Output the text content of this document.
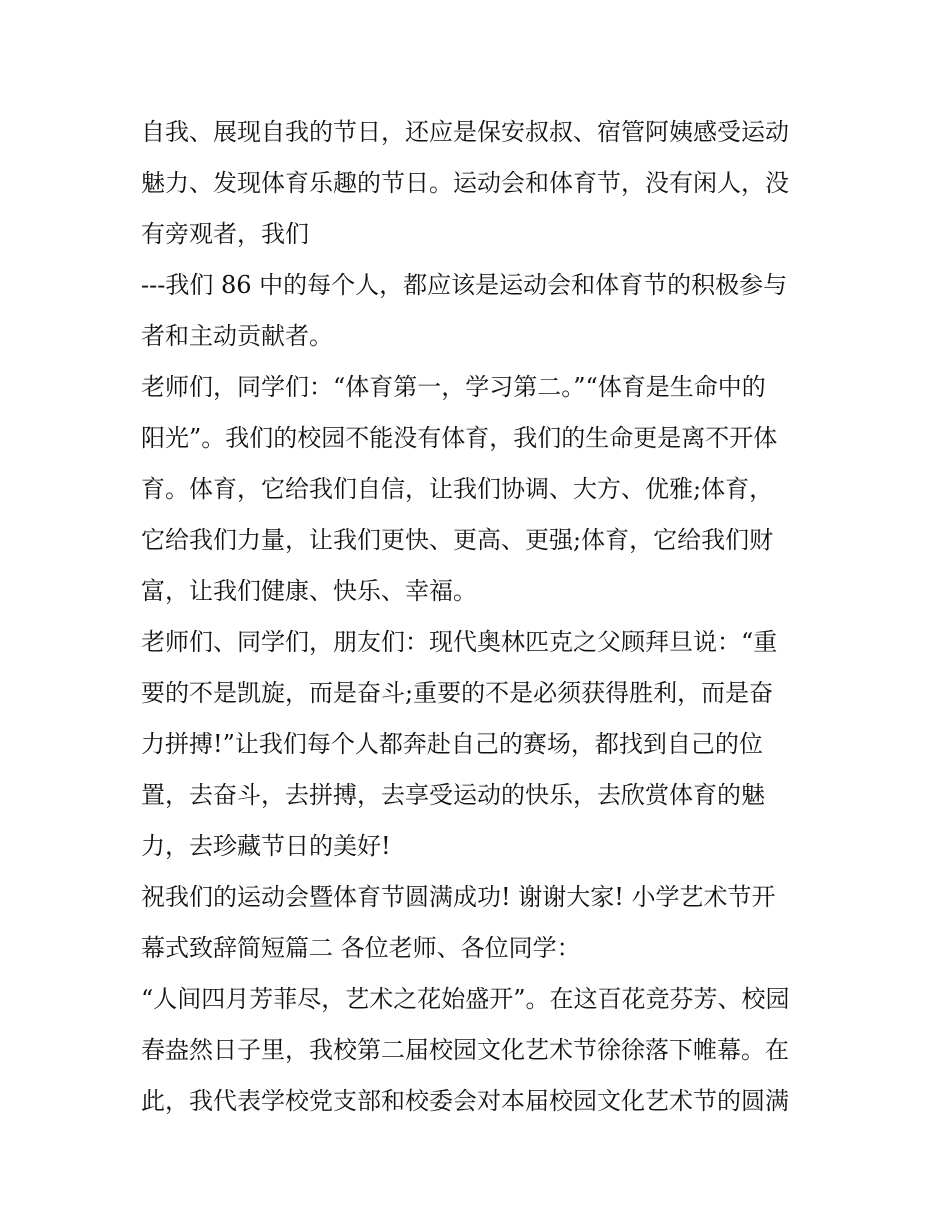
自我、展现自我的节日，还应是保安叔叔、宿管阿姨感受运动
魅力、发现体育乐趣的节日。运动会和体育节，没有闲人，没
有旁观者，我们
---我们 86 中的每个人，都应该是运动会和体育节的积极参与
者和主动贡献者。
老师们，同学们：“体育第一，学习第二。”“体育是生命中的
阳光”。我们的校园不能没有体育，我们的生命更是离不开体
育。体育，它给我们自信，让我们协调、大方、优雅;体育，
它给我们力量，让我们更快、更高、更强;体育，它给我们财
富，让我们健康、快乐、幸福。
老师们、同学们，朋友们：现代奥林匹克之父顾拜旦说：“重
要的不是凯旋，而是奋斗;重要的不是必须获得胜利，而是奋
力拼搏!”让我们每个人都奔赴自己的赛场，都找到自己的位
置，去奋斗，去拼搏，去享受运动的快乐，去欣赏体育的魅
力，去珍藏节日的美好!
祝我们的运动会暨体育节圆满成功! 谢谢大家! 小学艺术节开
幕式致辞简短篇二 各位老师、各位同学：
“人间四月芳菲尽，艺术之花始盛开”。在这百花竞芬芳、校园
春盎然日子里，我校第二届校园文化艺术节徐徐落下帷幕。在
此，我代表学校党支部和校委会对本届校园文化艺术节的圆满
